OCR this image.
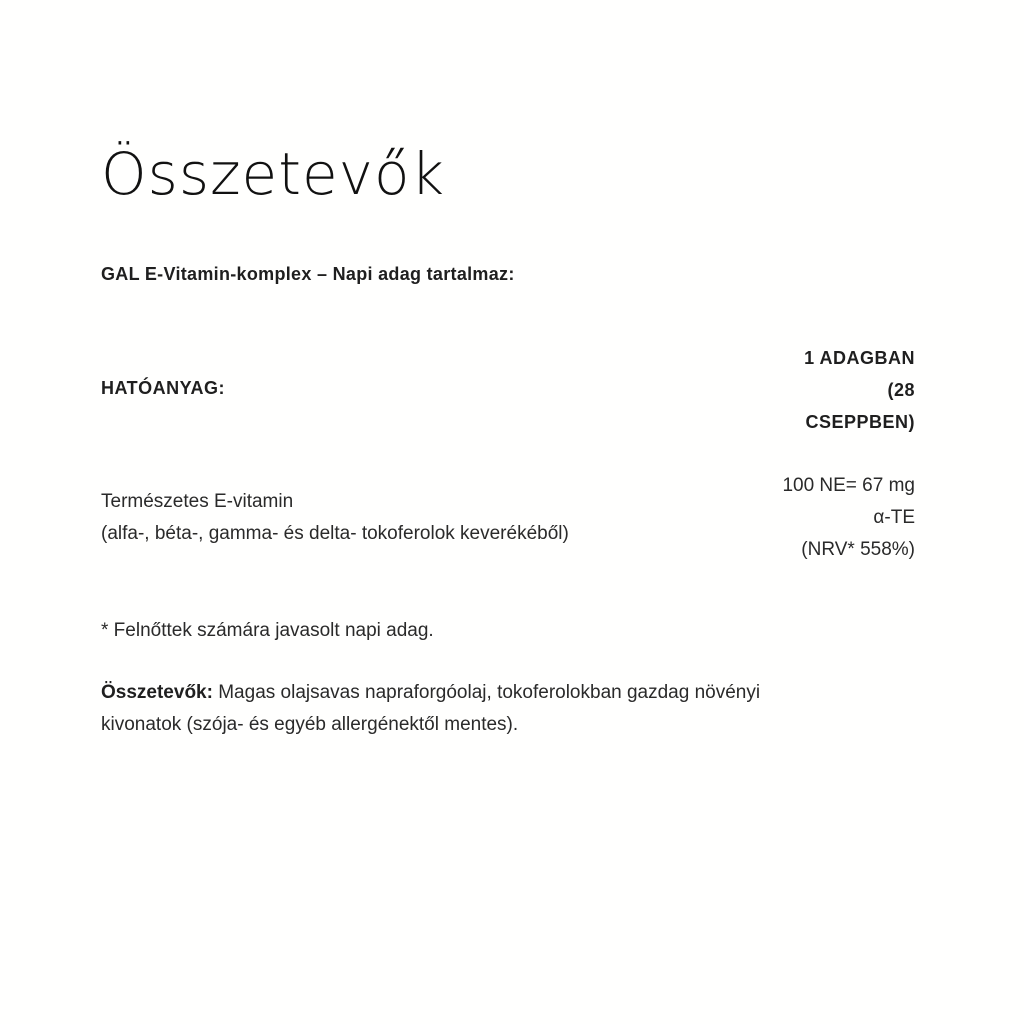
Összetevők
GAL E-Vitamin-komplex – Napi adag tartalmaz:
HATÓANYAG:
1 ADAGBAN
(28
CSEPPBEN)
Természetes E-vitamin
(alfa-, béta-, gamma- és delta- tokoferolok keverékéből)
100 NE= 67 mg
α-TE
(NRV* 558%)
* Felnőttek számára javasolt napi adag.
Összetevők: Magas olajsavas napraforgóolaj, tokoferolokban gazdag növényi
kivonatok (szója- és egyéb allergénektől mentes).
